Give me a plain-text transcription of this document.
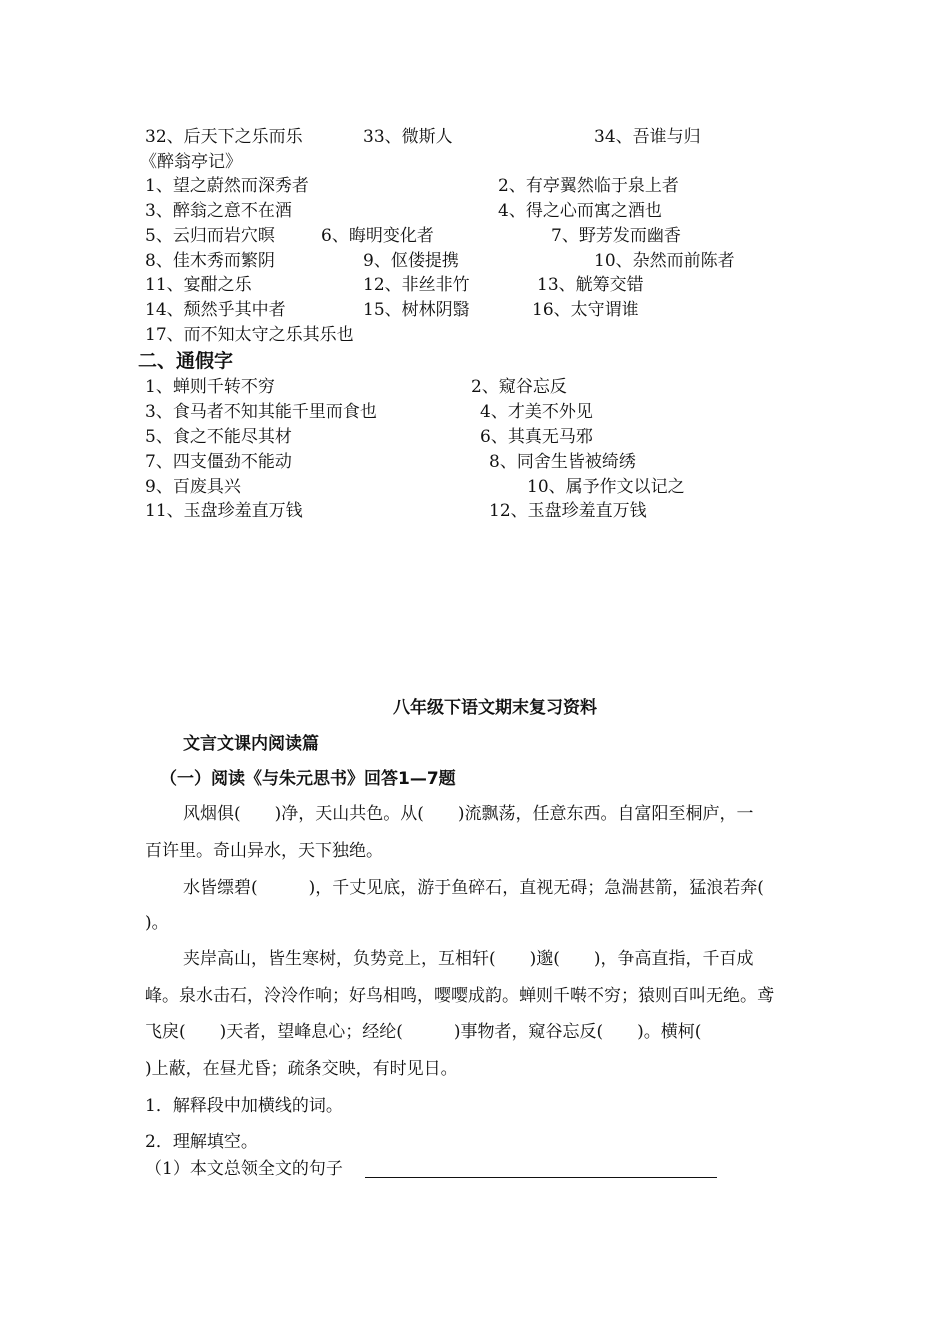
32、后天下之乐而乐	33、微斯人	34、吾谁与归
《醉翁亭记》
1、望之蔚然而深秀者	2、有亭翼然临于泉上者
3、醉翁之意不在酒	4、得之心而寓之酒也
5、云归而岩穴暝	6、晦明变化者	7、野芳发而幽香
8、佳木秀而繁阴	9、伛偻提携	10、杂然而前陈者
11、宴酣之乐	12、非丝非竹	13、觥筹交错
14、颓然乎其中者	15、树林阴翳	16、太守谓谁
17、而不知太守之乐其乐也
二、通假字
1、蝉则千转不穷	2、窥谷忘反
3、食马者不知其能千里而食也	4、才美不外见
5、食之不能尽其材	6、其真无马邪
7、四支僵劲不能动	8、同舍生皆被绮绣
9、百废具兴	10、属予作文以记之
11、玉盘珍羞直万钱	12、玉盘珍羞直万钱
八年级下语文期末复习资料
文言文课内阅读篇
（一）阅读《与朱元思书》回答1—7题
风烟俱(　　)净，天山共色。从(　　)流飘荡，任意东西。自富阳至桐庐，一
百许里。奇山异水，天下独绝。
水皆缥碧(　　　)，千丈见底，游于鱼碎石，直视无碍；急湍甚箭，猛浪若奔(
)。
夹岸高山，皆生寒树，负势竞上，互相轩(　　)邈(　　)，争高直指，千百成
峰。泉水击石，泠泠作响；好鸟相鸣，嘤嘤成韵。蝉则千啭不穷；猿则百叫无绝。鸢
飞戾(　　)天者，望峰息心；经纶(　　　)事物者，窥谷忘反(　　)。横柯(
)上蔽，在昼尤昏；疏条交映，有时见日。
1．解释段中加横线的词。
2．理解填空。
（1）本文总领全文的句子
